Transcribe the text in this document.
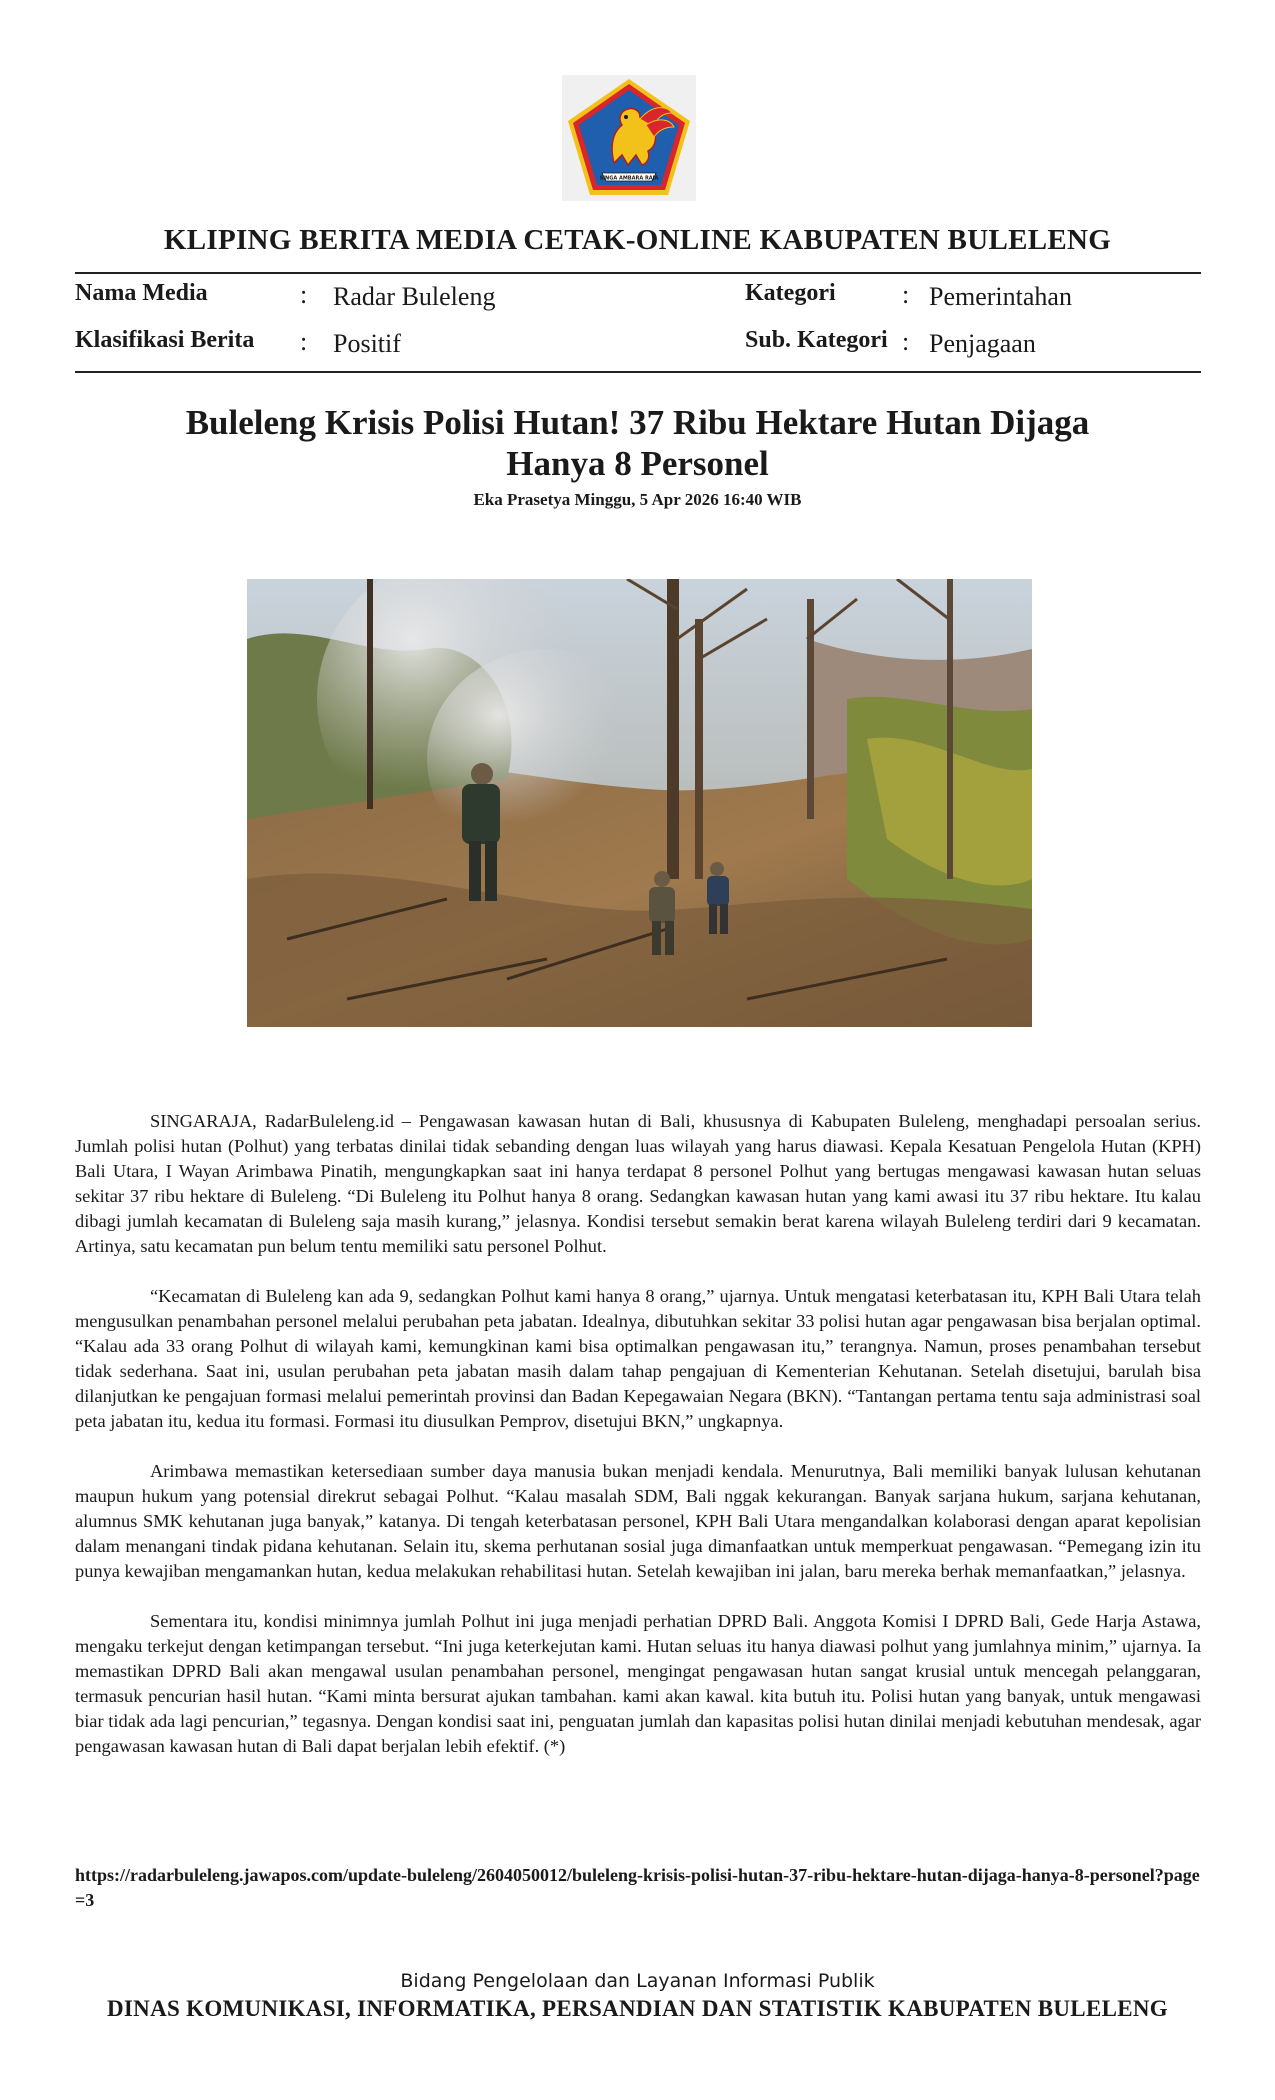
SINGA AMBARA RAJA
KLIPING BERITA MEDIA CETAK-ONLINE KABUPATEN BULELENG
Nama Media	: Radar Buleleng
Klasifikasi Berita : Positif
Kategori	: Pemerintahan
Sub. Kategori : Penjagaan
Buleleng Krisis Polisi Hutan! 37 Ribu Hektare Hutan Dijaga
Hanya 8 Personel
Eka Prasetya Minggu, 5 Apr 2026 16:40 WIB

SINGARAJA, RadarBuleleng.id – Pengawasan kawasan hutan di Bali, khususnya di Kabupaten Buleleng, menghadapi persoalan serius. Jumlah polisi hutan (Polhut) yang terbatas dinilai tidak sebanding dengan luas wilayah yang harus diawasi. Kepala Kesatuan Pengelola Hutan (KPH) Bali Utara, I Wayan Arimbawa Pinatih, mengungkapkan saat ini hanya terdapat 8 personel Polhut yang bertugas mengawasi kawasan hutan seluas sekitar 37 ribu hektare di Buleleng. “Di Buleleng itu Polhut hanya 8 orang. Sedangkan kawasan hutan yang kami awasi itu 37 ribu hektare. Itu kalau dibagi jumlah kecamatan di Buleleng saja masih kurang,” jelasnya. Kondisi tersebut semakin berat karena wilayah Buleleng terdiri dari 9 kecamatan. Artinya, satu kecamatan pun belum tentu memiliki satu personel Polhut.

“Kecamatan di Buleleng kan ada 9, sedangkan Polhut kami hanya 8 orang,” ujarnya. Untuk mengatasi keterbatasan itu, KPH Bali Utara telah mengusulkan penambahan personel melalui perubahan peta jabatan. Idealnya, dibutuhkan sekitar 33 polisi hutan agar pengawasan bisa berjalan optimal. “Kalau ada 33 orang Polhut di wilayah kami, kemungkinan kami bisa optimalkan pengawasan itu,” terangnya. Namun, proses penambahan tersebut tidak sederhana. Saat ini, usulan perubahan peta jabatan masih dalam tahap pengajuan di Kementerian Kehutanan. Setelah disetujui, barulah bisa dilanjutkan ke pengajuan formasi melalui pemerintah provinsi dan Badan Kepegawaian Negara (BKN). “Tantangan pertama tentu saja administrasi soal peta jabatan itu, kedua itu formasi. Formasi itu diusulkan Pemprov, disetujui BKN,” ungkapnya.

Arimbawa memastikan ketersediaan sumber daya manusia bukan menjadi kendala. Menurutnya, Bali memiliki banyak lulusan kehutanan maupun hukum yang potensial direkrut sebagai Polhut. “Kalau masalah SDM, Bali nggak kekurangan. Banyak sarjana hukum, sarjana kehutanan, alumnus SMK kehutanan juga banyak,” katanya. Di tengah keterbatasan personel, KPH Bali Utara mengandalkan kolaborasi dengan aparat kepolisian dalam menangani tindak pidana kehutanan. Selain itu, skema perhutanan sosial juga dimanfaatkan untuk memperkuat pengawasan. “Pemegang izin itu punya kewajiban mengamankan hutan, kedua melakukan rehabilitasi hutan. Setelah kewajiban ini jalan, baru mereka berhak memanfaatkan,” jelasnya.

Sementara itu, kondisi minimnya jumlah Polhut ini juga menjadi perhatian DPRD Bali. Anggota Komisi I DPRD Bali, Gede Harja Astawa, mengaku terkejut dengan ketimpangan tersebut. “Ini juga keterkejutan kami. Hutan seluas itu hanya diawasi polhut yang jumlahnya minim,” ujarnya. Ia memastikan DPRD Bali akan mengawal usulan penambahan personel, mengingat pengawasan hutan sangat krusial untuk mencegah pelanggaran, termasuk pencurian hasil hutan. “Kami minta bersurat ajukan tambahan. kami akan kawal. kita butuh itu. Polisi hutan yang banyak, untuk mengawasi biar tidak ada lagi pencurian,” tegasnya. Dengan kondisi saat ini, penguatan jumlah dan kapasitas polisi hutan dinilai menjadi kebutuhan mendesak, agar pengawasan kawasan hutan di Bali dapat berjalan lebih efektif. (*)

https://radarbuleleng.jawapos.com/update-buleleng/2604050012/buleleng-krisis-polisi-hutan-37-ribu-hektare-hutan-dijaga-hanya-8-personel?page=3
Bidang Pengelolaan dan Layanan Informasi Publik
DINAS KOMUNIKASI, INFORMATIKA, PERSANDIAN DAN STATISTIK KABUPATEN BULELENG
